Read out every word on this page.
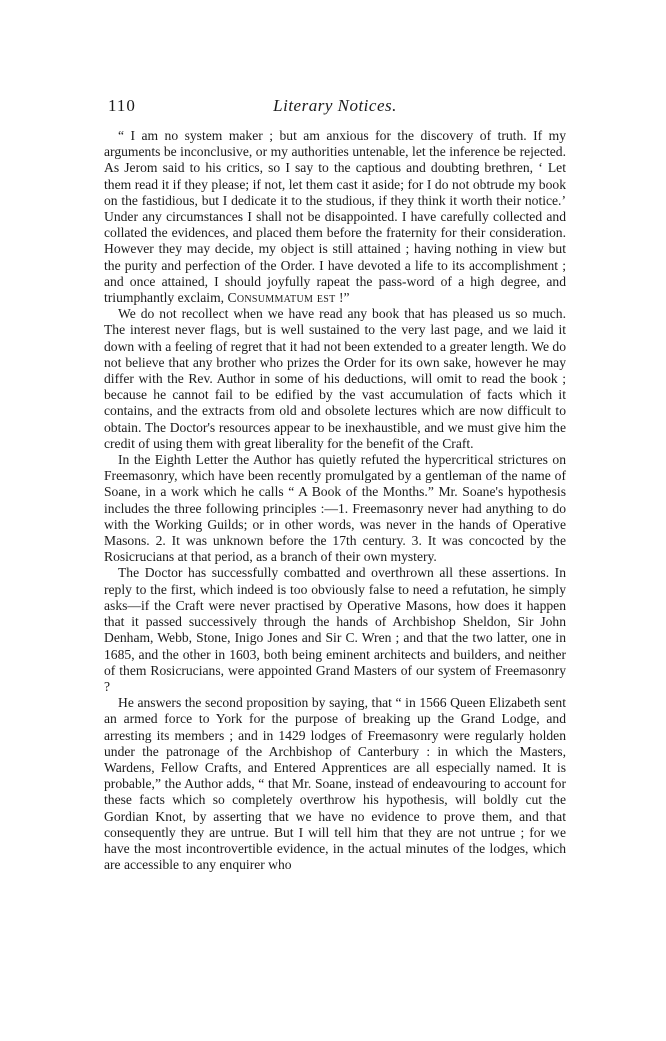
110	Literary Notices.

“ I am no system maker ; but am anxious for the discovery of truth. If my arguments be inconclusive, or my authorities untenable, let the inference be rejected. As Jerom said to his critics, so I say to the captious and doubting brethren, ‘ Let them read it if they please; if not, let them cast it aside; for I do not obtrude my book on the fastidious, but I dedicate it to the studious, if they think it worth their notice.’ Under any circumstances I shall not be disappointed. I have carefully collected and collated the evidences, and placed them before the fraternity for their consideration. However they may decide, my object is still attained ; having nothing in view but the purity and perfection of the Order. I have devoted a life to its accomplishment ; and once attained, I should joyfully rapeat the pass-word of a high degree, and triumphantly exclaim, Consummatum est !”

We do not recollect when we have read any book that has pleased us so much. The interest never flags, but is well sustained to the very last page, and we laid it down with a feeling of regret that it had not been extended to a greater length. We do not believe that any brother who prizes the Order for its own sake, however he may differ with the Rev. Author in some of his deductions, will omit to read the book ; because he cannot fail to be edified by the vast accumulation of facts which it contains, and the extracts from old and obsolete lectures which are now difficult to obtain. The Doctor's resources appear to be inexhaustible, and we must give him the credit of using them with great liberality for the benefit of the Craft.

In the Eighth Letter the Author has quietly refuted the hypercritical strictures on Freemasonry, which have been recently promulgated by a gentleman of the name of Soane, in a work which he calls “ A Book of the Months.” Mr. Soane's hypothesis includes the three following principles :—1. Freemasonry never had anything to do with the Working Guilds; or in other words, was never in the hands of Operative Masons. 2. It was unknown before the 17th century. 3. It was concocted by the Rosicrucians at that period, as a branch of their own mystery.

The Doctor has successfully combatted and overthrown all these assertions. In reply to the first, which indeed is too obviously false to need a refutation, he simply asks—if the Craft were never practised by Operative Masons, how does it happen that it passed successively through the hands of Archbishop Sheldon, Sir John Denham, Webb, Stone, Inigo Jones and Sir C. Wren ; and that the two latter, one in 1685, and the other in 1603, both being eminent architects and builders, and neither of them Rosicrucians, were appointed Grand Masters of our system of Freemasonry ?

He answers the second proposition by saying, that “ in 1566 Queen Elizabeth sent an armed force to York for the purpose of breaking up the Grand Lodge, and arresting its members ; and in 1429 lodges of Freemasonry were regularly holden under the patronage of the Archbishop of Canterbury : in which the Masters, Wardens, Fellow Crafts, and Entered Apprentices are all especially named. It is probable,” the Author adds, “ that Mr. Soane, instead of endeavouring to account for these facts which so completely overthrow his hypothesis, will boldly cut the Gordian Knot, by asserting that we have no evidence to prove them, and that consequently they are untrue. But I will tell him that they are not untrue ; for we have the most incontrovertible evidence, in the actual minutes of the lodges, which are accessible to any enquirer who
